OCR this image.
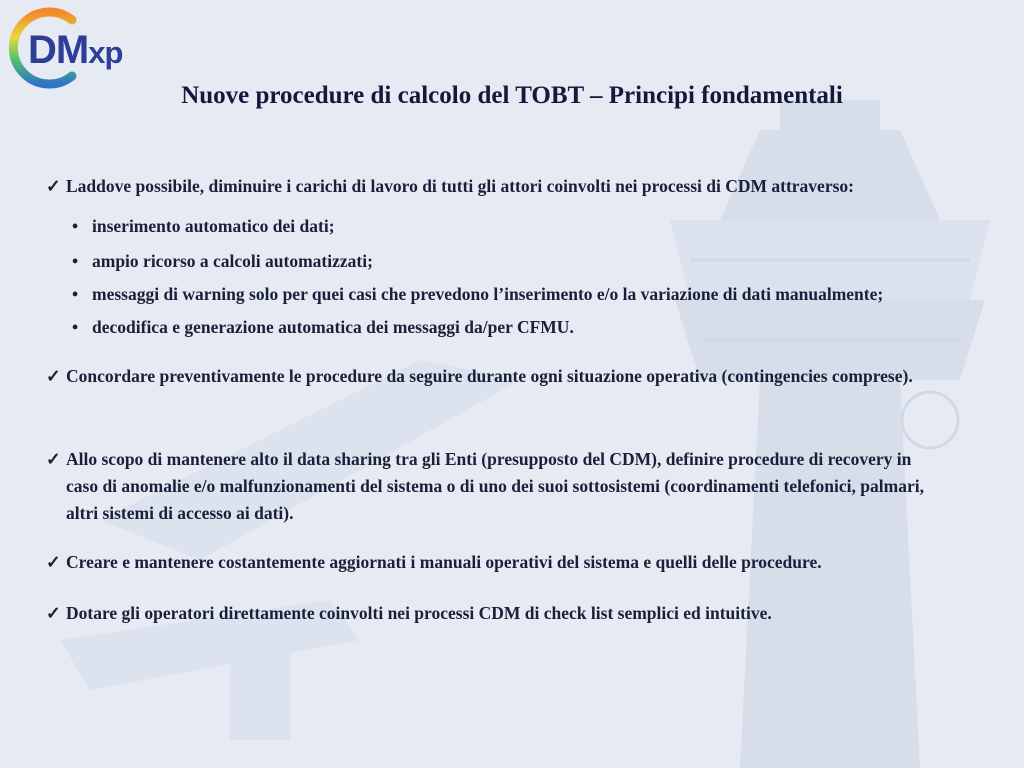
DMxp
Nuove procedure di calcolo del TOBT – Principi fondamentali
✓ Laddove possibile, diminuire i carichi di lavoro di tutti gli attori coinvolti nei processi di CDM attraverso:
• inserimento automatico dei dati;
• ampio ricorso a calcoli automatizzati;
• messaggi di warning solo per quei casi che prevedono l’inserimento e/o la variazione di dati manualmente;
• decodifica e generazione automatica dei messaggi da/per CFMU.
✓ Concordare preventivamente le procedure da seguire durante ogni situazione operativa (contingencies comprese).
✓ Allo scopo di mantenere alto il data sharing tra gli Enti (presupposto del CDM), definire procedure di recovery in caso di anomalie e/o malfunzionamenti del sistema o di uno dei suoi sottosistemi (coordinamenti telefonici, palmari, altri sistemi di accesso ai dati).
✓ Creare e mantenere costantemente aggiornati i manuali operativi del sistema e quelli delle procedure.
✓ Dotare gli operatori direttamente coinvolti nei processi CDM di check list semplici ed intuitive.
